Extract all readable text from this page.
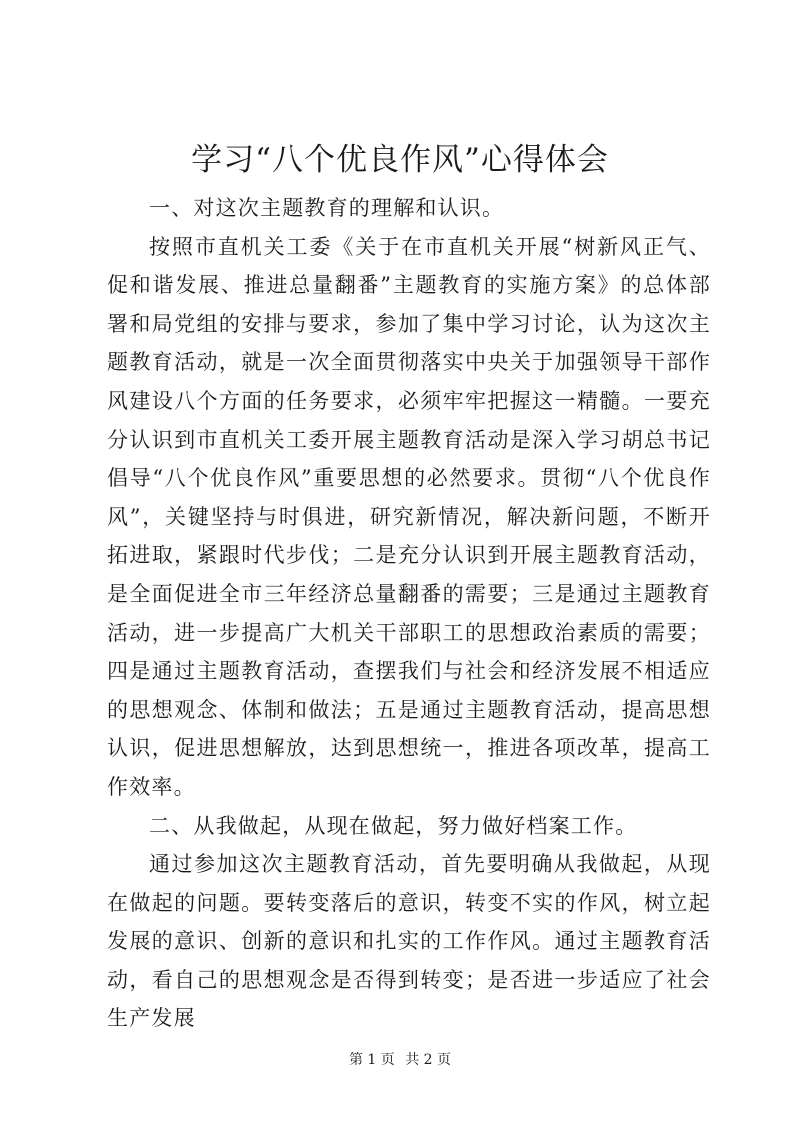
学习“八个优良作风”心得体会

一、对这次主题教育的理解和认识。

按照市直机关工委《关于在市直机关开展“树新风正气、促和谐发展、推进总量翻番”主题教育的实施方案》的总体部署和局党组的安排与要求，参加了集中学习讨论，认为这次主题教育活动，就是一次全面贯彻落实中央关于加强领导干部作风建设八个方面的任务要求，必须牢牢把握这一精髓。一要充分认识到市直机关工委开展主题教育活动是深入学习胡总书记倡导“八个优良作风”重要思想的必然要求。贯彻“八个优良作风”，关键坚持与时俱进，研究新情况，解决新问题，不断开拓进取，紧跟时代步伐；二是充分认识到开展主题教育活动，是全面促进全市三年经济总量翻番的需要；三是通过主题教育活动，进一步提高广大机关干部职工的思想政治素质的需要；四是通过主题教育活动，查摆我们与社会和经济发展不相适应的思想观念、体制和做法；五是通过主题教育活动，提高思想认识，促进思想解放，达到思想统一，推进各项改革，提高工作效率。

二、从我做起，从现在做起，努力做好档案工作。

通过参加这次主题教育活动，首先要明确从我做起，从现在做起的问题。要转变落后的意识，转变不实的作风，树立起发展的意识、创新的意识和扎实的工作作风。通过主题教育活动，看自己的思想观念是否得到转变；是否进一步适应了社会生产发展

第 1 页 共 2 页
